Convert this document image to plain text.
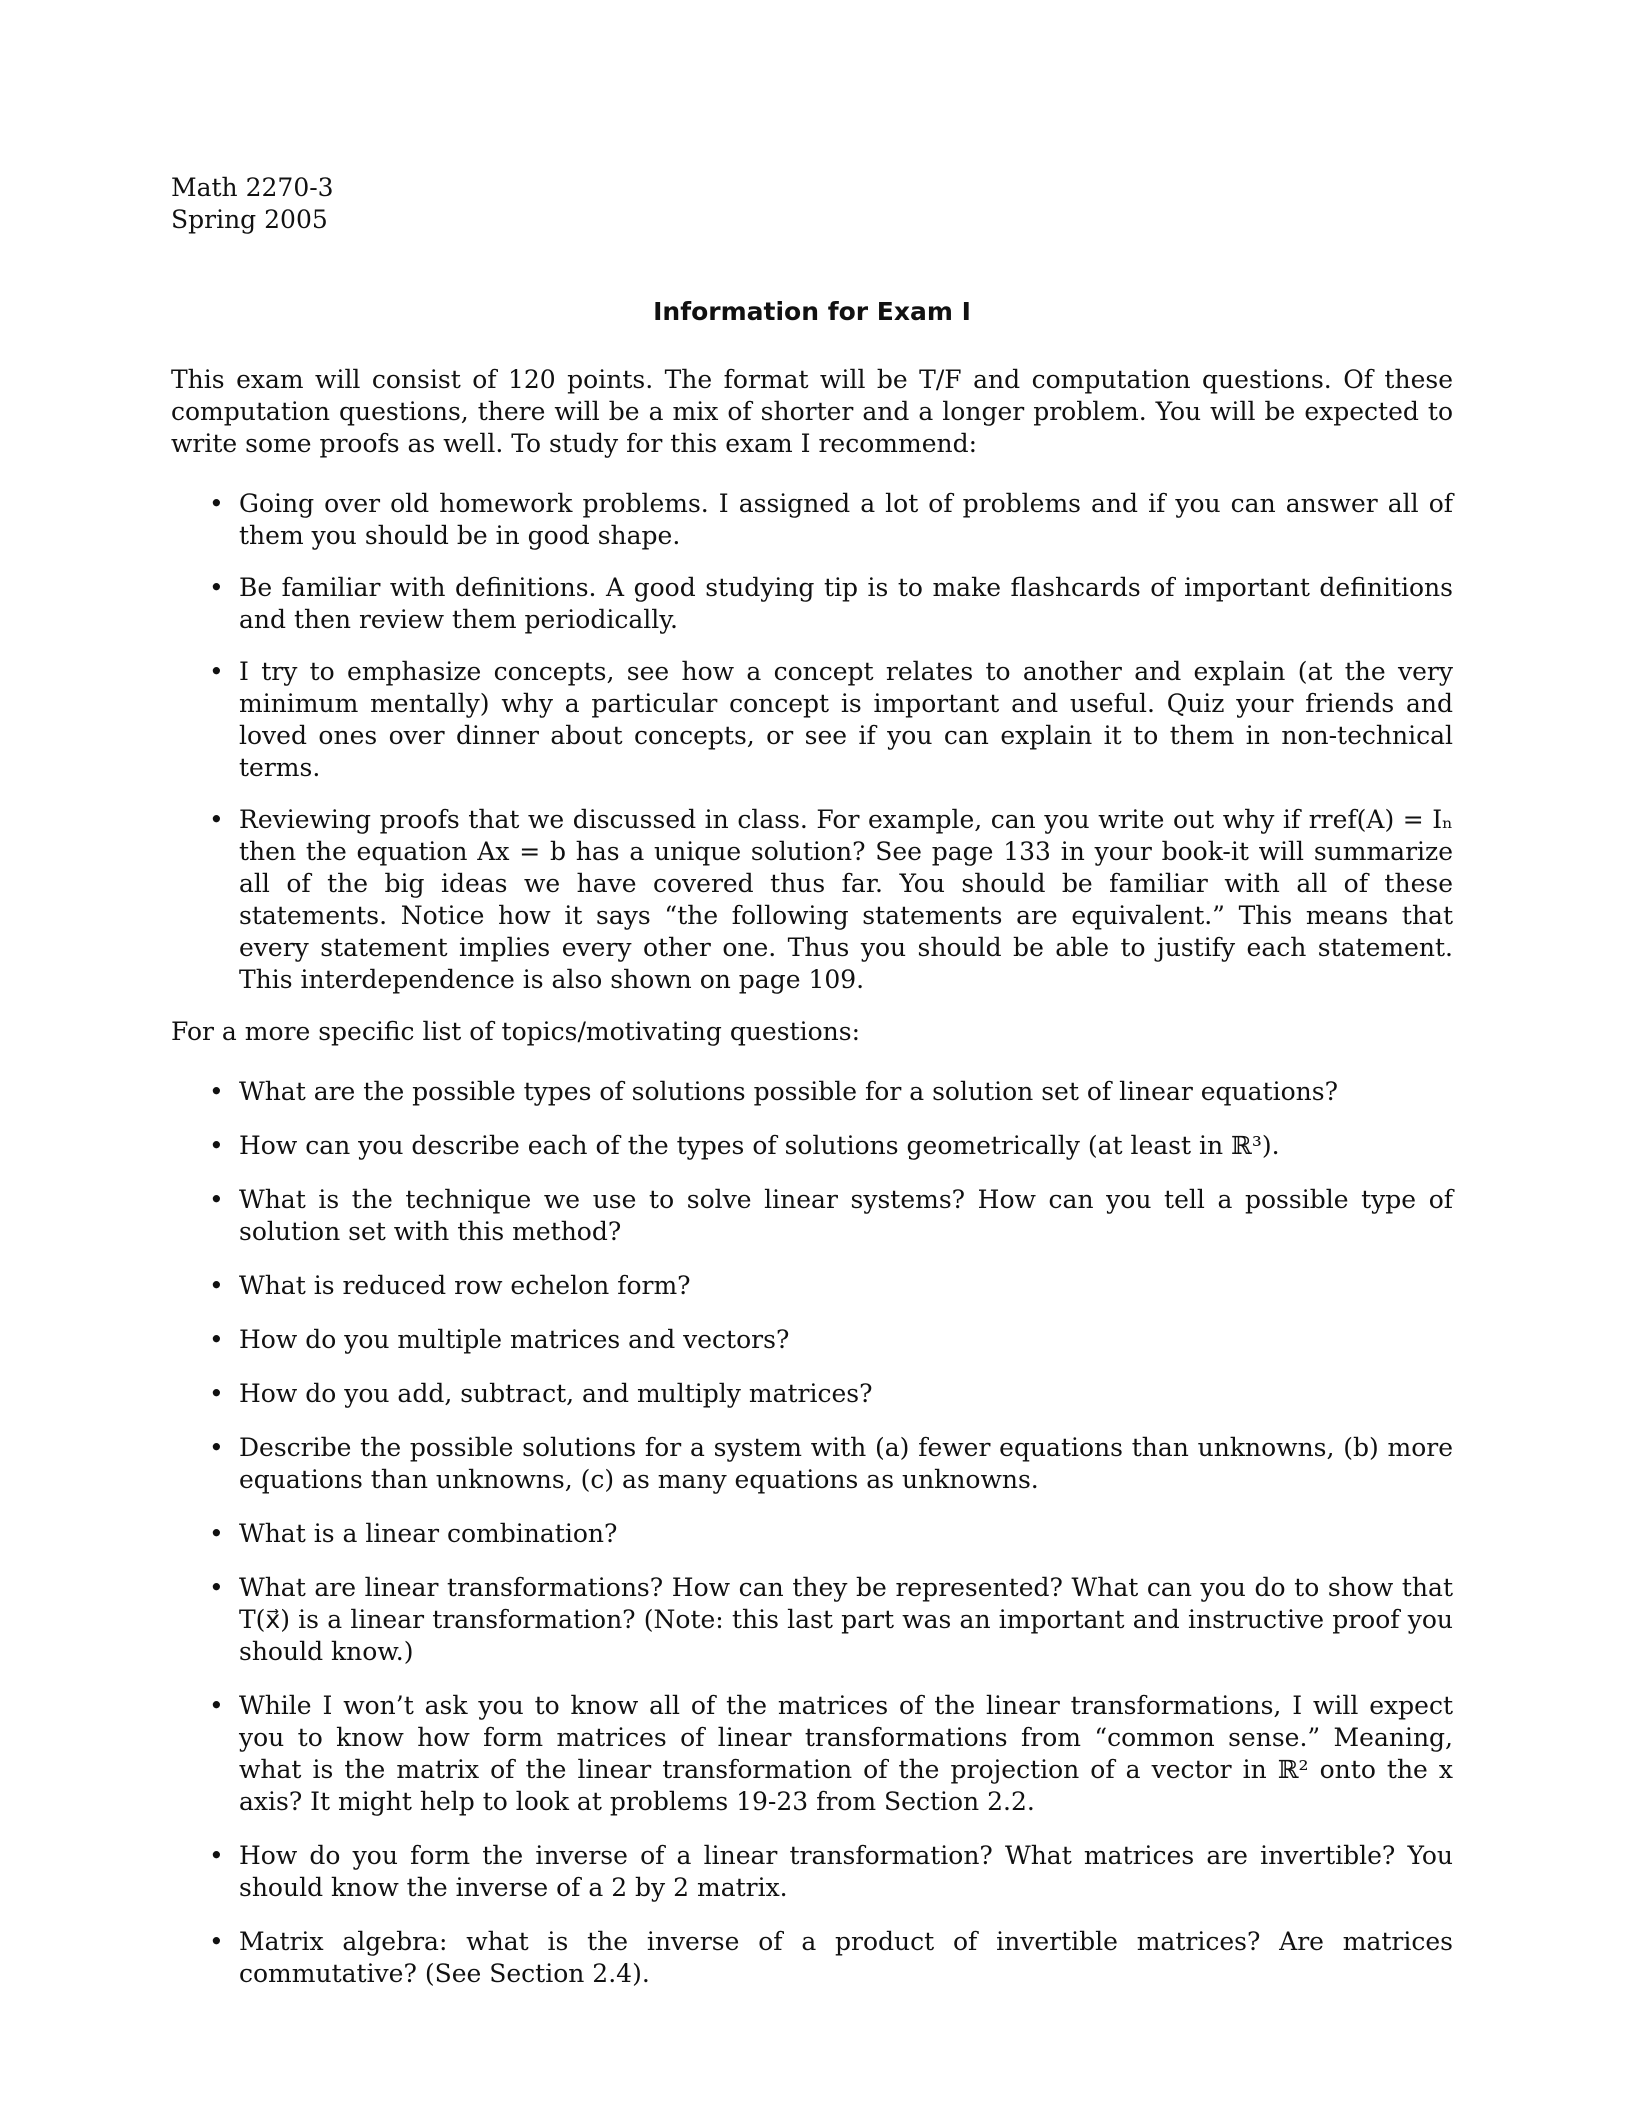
Math 2270-3
Spring 2005
Information for Exam I
This exam will consist of 120 points. The format will be T/F and computation questions. Of these computation questions, there will be a mix of shorter and a longer problem. You will be expected to write some proofs as well. To study for this exam I recommend:
• Going over old homework problems. I assigned a lot of problems and if you can answer all of them you should be in good shape.
• Be familiar with definitions. A good studying tip is to make flashcards of important definitions and then review them periodically.
• I try to emphasize concepts, see how a concept relates to another and explain (at the very minimum mentally) why a particular concept is important and useful. Quiz your friends and loved ones over dinner about concepts, or see if you can explain it to them in non-technical terms.
• Reviewing proofs that we discussed in class. For example, can you write out why if rref(A) = Iₙ then the equation Ax = b has a unique solution? See page 133 in your book-it will summarize all of the big ideas we have covered thus far. You should be familiar with all of these statements. Notice how it says “the following statements are equivalent.” This means that every statement implies every other one. Thus you should be able to justify each statement. This interdependence is also shown on page 109.
For a more specific list of topics/motivating questions:
• What are the possible types of solutions possible for a solution set of linear equations?
• How can you describe each of the types of solutions geometrically (at least in ℝ³).
• What is the technique we use to solve linear systems? How can you tell a possible type of solution set with this method?
• What is reduced row echelon form?
• How do you multiple matrices and vectors?
• How do you add, subtract, and multiply matrices?
• Describe the possible solutions for a system with (a) fewer equations than unknowns, (b) more equations than unknowns, (c) as many equations as unknowns.
• What is a linear combination?
• What are linear transformations? How can they be represented? What can you do to show that T(x⃗) is a linear transformation? (Note: this last part was an important and instructive proof you should know.)
• While I won’t ask you to know all of the matrices of the linear transformations, I will expect you to know how form matrices of linear transformations from “common sense.” Meaning, what is the matrix of the linear transformation of the projection of a vector in ℝ² onto the x axis? It might help to look at problems 19-23 from Section 2.2.
• How do you form the inverse of a linear transformation? What matrices are invertible? You should know the inverse of a 2 by 2 matrix.
• Matrix algebra: what is the inverse of a product of invertible matrices? Are matrices commutative? (See Section 2.4).
